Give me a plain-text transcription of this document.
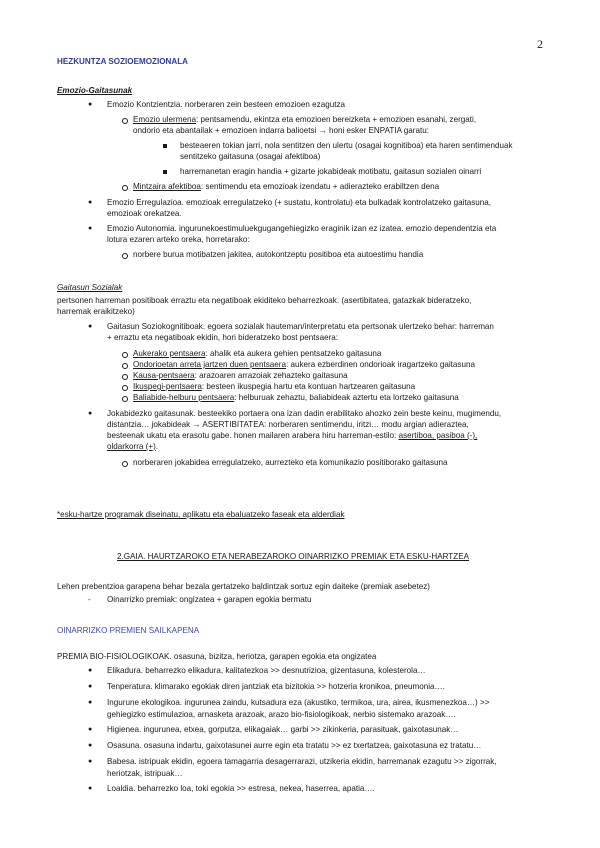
2
HEZKUNTZA SOZIOEMOZIONALA
Emozio-Gaitasunak
● Emozio Kontzientzia. norberaren zein besteen emozioen ezagutza
Emozio ulermena: pentsamendu, ekintza eta emozioen bereizketa + emozioen esanahi, zergati,
ondorio eta abantailak + emozioen indarra balioetsi → honi esker ENPATIA garatu:
besteaeren tokian jarri, nola sentitzen den ulertu (osagai kognitiboa) eta haren sentimenduak
sentitzeko gaitasuna (osagai afektiboa)
harremanetan eragin handia + gizarte jokabideak motibatu, gaitasun sozialen oinarri
Mintzaira afektiboa: sentimendu eta emozioak izendatu + adierazteko erabiltzen dena
● Emozio Erregulazioa. emozioak erregulatzeko (+ sustatu, kontrolatu) eta bulkadak kontrolatzeko gaitasuna,
emozioak orekatzea.
● Emozio Autonomia. ingurunekoestimuluekgugangehiegizko eraginik izan ez izatea. emozio dependentzia eta
lotura ezaren arteko oreka, horretarako:
norbere burua motibatzen jakitea, autokontzeptu positiboa eta autoestimu handia
Gaitasun Sozialak
pertsonen harreman positiboak erraztu eta negatiboak ekiditeko beharrezkoak. (asertibitatea, gatazkak bideratzeko,
harremak eraikitzeko)
● Gaitasun Soziokognitiboak. egoera sozialak hauteman/interpretatu eta pertsonak ulertzeko behar: harreman
+ erraztu eta negatiboak ekidin, hori bideratzeko bost pentsaera:
Aukerako pentsaera: ahalik eta aukera gehien pentsatzeko gaitasuna
Ondorioetan arreta jartzen duen pentsaera: aukera ezberdinen ondorioak iragartzeko gaitasuna
Kausa-pentsaera: arazoaren arrazoiak zehazteko gaitasuna
Ikuspegi-pentsaera: besteen ikuspegia hartu eta kontuan hartzearen gaitasuna
Baliabide-helburu pentsaera: helburuak zehaztu, baliabideak aztertu eta lortzeko gaitasuna
● Jokabidezko gaitasunak. besteekiko portaera ona izan dadin erabilitako ahozko zein beste keinu, mugimendu,
distantzia… jokabideak → ASERTIBITATEA: norberaren sentimendu, iritzi… modu argian adieraztea,
besteenak ukatu eta erasotu gabe. honen mailaren arabera hiru harreman-estilo: asertiboa, pasiboa (-),
oldarkorra (+).
norberaren jokabidea erregulatzeko, aurrezteko eta komunikazio positiborako gaitasuna
*esku-hartze programak diseinatu, aplikatu eta ebaluatzeko faseak eta alderdiak
2.GAIA. HAURTZAROKO ETA NERABEZAROKO OINARRIZKO PREMIAK ETA ESKU-HARTZEA
Lehen prebentzioa garapena behar bezala gertatzeko baldintzak sortuz egin daiteke (premiak asebetez)
- Oinarrizko premiak: ongizatea + garapen egokia bermatu
OINARRIZKO PREMIEN SAILKAPENA
PREMIA BIO-FISIOLOGIKOAK. osasuna, bizitza, heriotza, garapen egokia eta ongizatea
● Elikadura. beharrezko elikadura, kalitatezkoa >> desnutrizioa, gizentasuna, kolesterola…
● Tenperatura. klimarako egokiak diren jantziak eta bizitokia >> hotzeria kronikoa, pneumonia….
● Ingurune ekologikoa. ingurunea zaindu, kutsadura eza (akustiko, termikoa, ura, airea, ikusmenezkoa…) >>
gehiegizko estimulazioa, arnasketa arazoak, arazo bio-fisiologikoak, nerbio sistemako arazoak….
● Higienea. ingurunea, etxea, gorputza, elikagaiak… garbi >> zikinkeria, parasituak, gaixotasunak…
● Osasuna. osasuna indartu, gaixotasunei aurre egin eta tratatu >> ez txertatzea, gaixotasuna ez tratatu…
● Babesa. istripuak ekidin, egoera tamagarria desagerrarazi, utzikeria ekidin, harremanak ezagutu >> zigorrak,
heriotzak, istripuak…
● Loaldia. beharrezko loa, toki egokia >> estresa, nekea, haserrea, apatia….
